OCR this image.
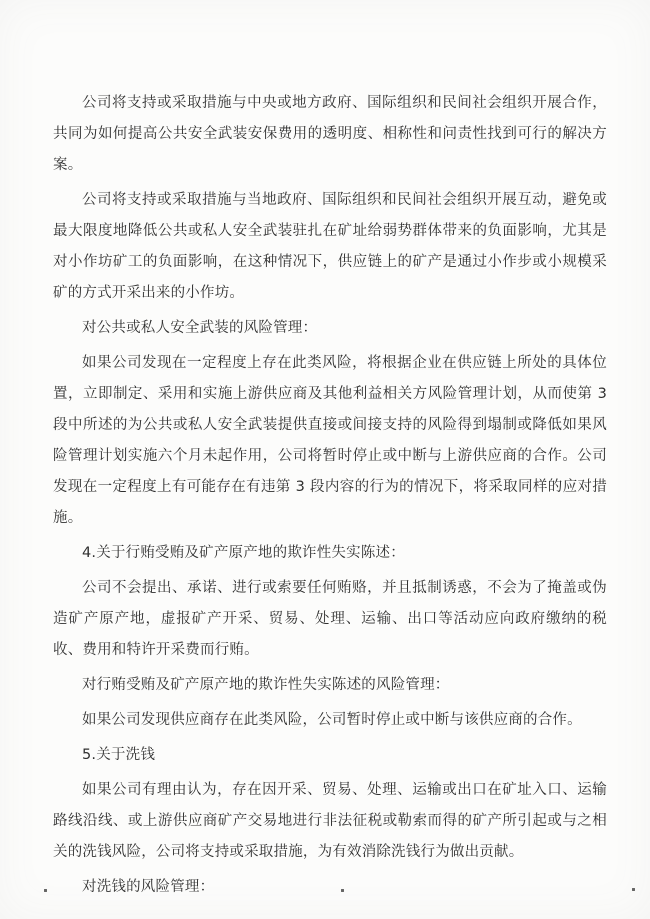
公司将支持或采取措施与中央或地方政府、国际组织和民间社会组织开展合作，共同为如何提高公共安全武装安保费用的透明度、相称性和问责性找到可行的解决方案。

公司将支持或采取措施与当地政府、国际组织和民间社会组织开展互动，避免或最大限度地降低公共或私人安全武装驻扎在矿址给弱势群体带来的负面影响，尤其是对小作坊矿工的负面影响，在这种情况下，供应链上的矿产是通过小作步或小规模采矿的方式开采出来的小作坊。

对公共或私人安全武装的风险管理：

如果公司发现在一定程度上存在此类风险，将根据企业在供应链上所处的具体位置，立即制定、采用和实施上游供应商及其他利益相关方风险管理计划，从而使第 3 段中所述的为公共或私人安全武装提供直接或间接支持的风险得到塌制或降低如果风险管理计划实施六个月未起作用，公司将暂时停止或中断与上游供应商的合作。公司发现在一定程度上有可能存在有违第 3 段内容的行为的情况下，将采取同样的应对措施。

4.关于行贿受贿及矿产原产地的欺诈性失实陈述：

公司不会提出、承诺、进行或索要任何贿赂，并且抵制诱惑，不会为了掩盖或伪造矿产原产地，虚报矿产开采、贸易、处理、运输、出口等活动应向政府缴纳的税收、费用和特许开采费而行贿。

对行贿受贿及矿产原产地的欺诈性失实陈述的风险管理：

如果公司发现供应商存在此类风险，公司暂时停止或中断与该供应商的合作。

5.关于洗钱

如果公司有理由认为，存在因开采、贸易、处理、运输或出口在矿址入口、运输路线沿线、或上游供应商矿产交易地进行非法征税或勒索而得的矿产所引起或与之相关的洗钱风险，公司将支持或采取措施，为有效消除洗钱行为做出贡献。

对洗钱的风险管理：
